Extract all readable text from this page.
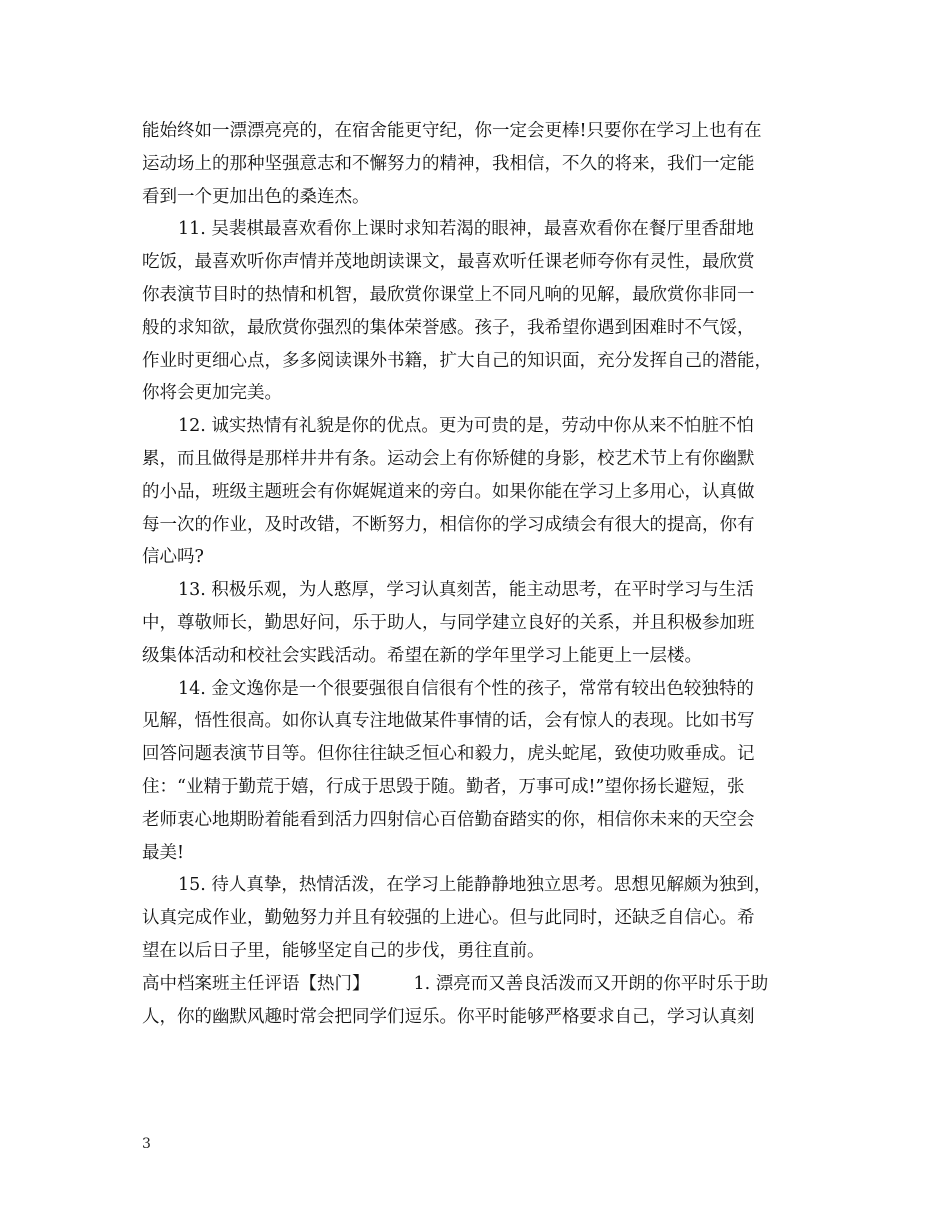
能始终如一漂漂亮亮的，在宿舍能更守纪，你一定会更棒!只要你在学习上也有在
运动场上的那种坚强意志和不懈努力的精神，我相信，不久的将来，我们一定能
看到一个更加出色的桑连杰。
11. 吴裴棋最喜欢看你上课时求知若渴的眼神，最喜欢看你在餐厅里香甜地
吃饭，最喜欢听你声情并茂地朗读课文，最喜欢听任课老师夸你有灵性，最欣赏
你表演节目时的热情和机智，最欣赏你课堂上不同凡响的见解，最欣赏你非同一
般的求知欲，最欣赏你强烈的集体荣誉感。孩子，我希望你遇到困难时不气馁，
作业时更细心点，多多阅读课外书籍，扩大自己的知识面，充分发挥自己的潜能，
你将会更加完美。
12. 诚实热情有礼貌是你的优点。更为可贵的是，劳动中你从来不怕脏不怕
累，而且做得是那样井井有条。运动会上有你矫健的身影，校艺术节上有你幽默
的小品，班级主题班会有你娓娓道来的旁白。如果你能在学习上多用心，认真做
每一次的作业，及时改错，不断努力，相信你的学习成绩会有很大的提高，你有
信心吗?
13. 积极乐观，为人憨厚，学习认真刻苦，能主动思考，在平时学习与生活
中，尊敬师长，勤思好问，乐于助人，与同学建立良好的关系，并且积极参加班
级集体活动和校社会实践活动。希望在新的学年里学习上能更上一层楼。
14. 金文逸你是一个很要强很自信很有个性的孩子，常常有较出色较独特的
见解，悟性很高。如你认真专注地做某件事情的话，会有惊人的表现。比如书写
回答问题表演节目等。但你往往缺乏恒心和毅力，虎头蛇尾，致使功败垂成。记
住：“业精于勤荒于嬉，行成于思毁于随。勤者，万事可成!”望你扬长避短，张
老师衷心地期盼着能看到活力四射信心百倍勤奋踏实的你，相信你未来的天空会
最美!
15. 待人真挚，热情活泼，在学习上能静静地独立思考。思想见解颇为独到，
认真完成作业，勤勉努力并且有较强的上进心。但与此同时，还缺乏自信心。希
望在以后日子里，能够坚定自己的步伐，勇往直前。
高中档案班主任评语【热门】	1. 漂亮而又善良活泼而又开朗的你平时乐于助
人，你的幽默风趣时常会把同学们逗乐。你平时能够严格要求自己，学习认真刻
3
